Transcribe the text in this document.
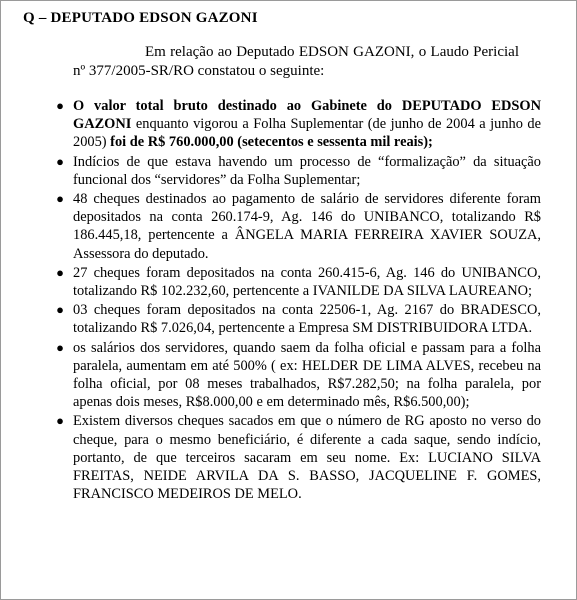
Q – DEPUTADO EDSON GAZONI

Em relação ao Deputado EDSON GAZONI, o Laudo Pericial nº 377/2005-SR/RO constatou o seguinte:

● O valor total bruto destinado ao Gabinete do DEPUTADO EDSON GAZONI enquanto vigorou a Folha Suplementar (de junho de 2004 a junho de 2005) foi de R$ 760.000,00 (setecentos e sessenta mil reais);
● Indícios de que estava havendo um processo de “formalização” da situação funcional dos “servidores” da Folha Suplementar;
● 48 cheques destinados ao pagamento de salário de servidores diferente foram depositados na conta 260.174-9, Ag. 146 do UNIBANCO, totalizando R$ 186.445,18, pertencente a ÂNGELA MARIA FERREIRA XAVIER SOUZA, Assessora do deputado.
● 27 cheques foram depositados na conta 260.415-6, Ag. 146 do UNIBANCO, totalizando R$ 102.232,60, pertencente a IVANILDE DA SILVA LAUREANO;
● 03 cheques foram depositados na conta 22506-1, Ag. 2167 do BRADESCO, totalizando R$ 7.026,04, pertencente a Empresa SM DISTRIBUIDORA LTDA.
● os salários dos servidores, quando saem da folha oficial e passam para a folha paralela, aumentam em até 500% ( ex: HELDER DE LIMA ALVES, recebeu na folha oficial, por 08 meses trabalhados, R$7.282,50; na folha paralela, por apenas dois meses, R$8.000,00 e em determinado mês, R$6.500,00);
● Existem diversos cheques sacados em que o número de RG aposto no verso do cheque, para o mesmo beneficiário, é diferente a cada saque, sendo indício, portanto, de que terceiros sacaram em seu nome. Ex: LUCIANO SILVA FREITAS, NEIDE ARVILA DA S. BASSO, JACQUELINE F. GOMES, FRANCISCO MEDEIROS DE MELO.
